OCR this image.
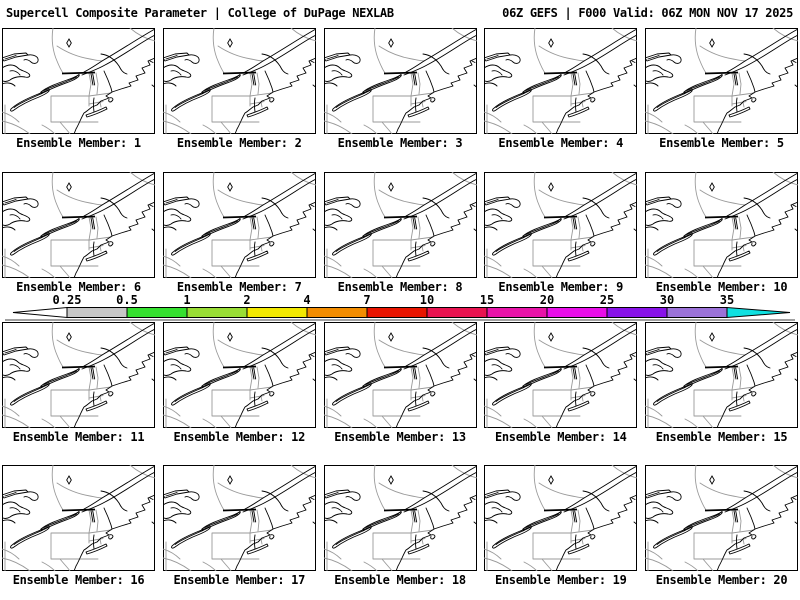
Supercell Composite Parameter | College of DuPage NEXLAB	06Z GEFS | F000 Valid: 06Z MON NOV 17 2025
Ensemble Member: 1	Ensemble Member: 2	Ensemble Member: 3	Ensemble Member: 4	Ensemble Member: 5
Ensemble Member: 6	Ensemble Member: 7	Ensemble Member: 8	Ensemble Member: 9	Ensemble Member: 10
0.25	0.5	1	2	4	7	10	15	20	25	30	35
Ensemble Member: 11	Ensemble Member: 12	Ensemble Member: 13	Ensemble Member: 14	Ensemble Member: 15
Ensemble Member: 16	Ensemble Member: 17	Ensemble Member: 18	Ensemble Member: 19	Ensemble Member: 20
